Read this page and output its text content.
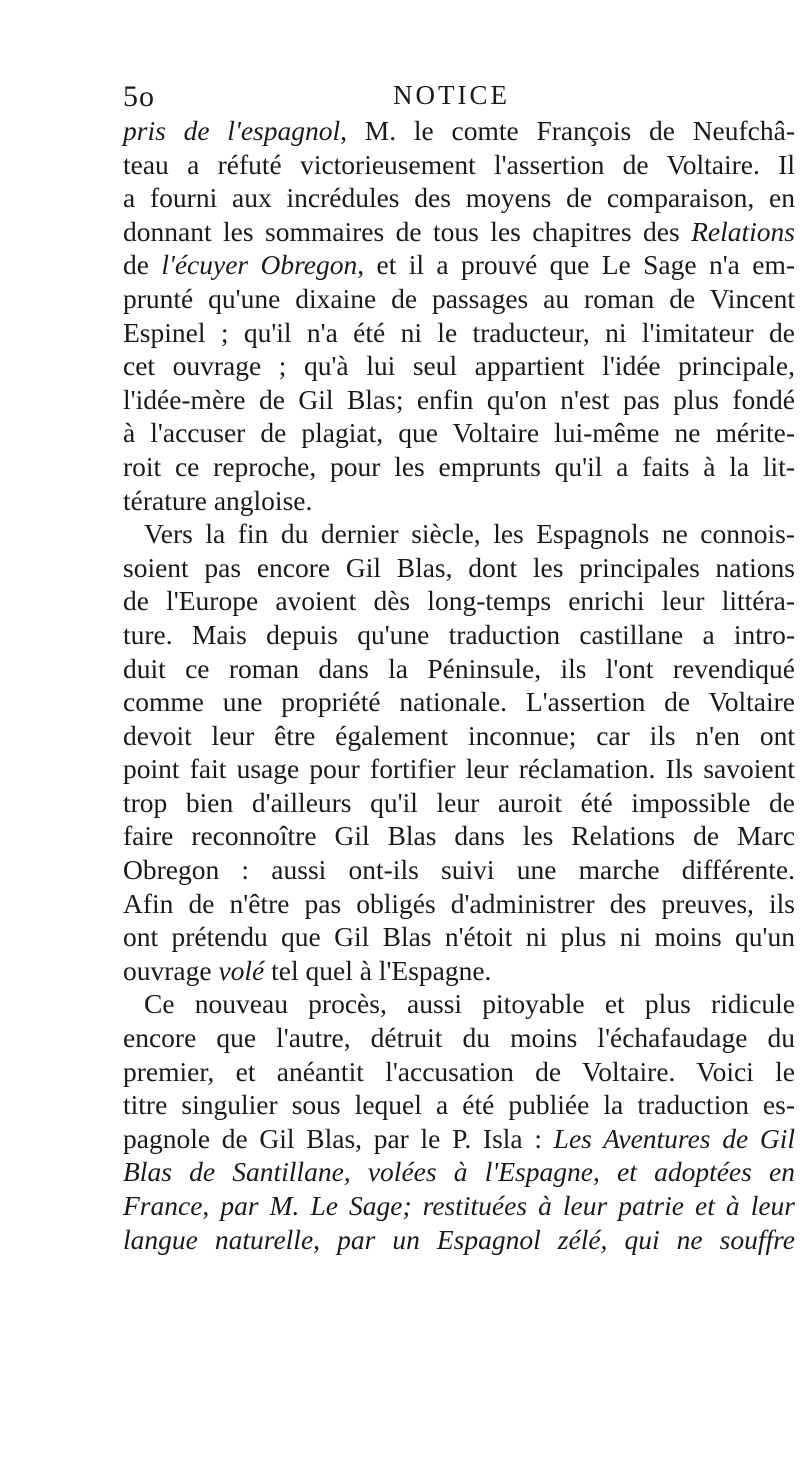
5o	NOTICE
pris de l'espagnol , M. le comte François de Neufchâ-
teau a réfuté victorieusement l'assertion de Voltaire. Il
a fourni aux incrédules des moyens de comparaison, en
donnant les sommaires de tous les chapitres des Relations
de l'écuyer Obregon , et il a prouvé que Le Sage n'a em-
prunté qu'une dixaine de passages au roman de Vincent
Espinel ; qu'il n'a été ni le traducteur, ni l'imitateur de
cet ouvrage ; qu'à lui seul appartient l'idée principale,
l'idée-mère de Gil Blas; enfin qu'on n'est pas plus fondé
à l'accuser de plagiat, que Voltaire lui-même ne mérite-
roit ce reproche, pour les emprunts qu'il a faits à la lit-
térature angloise.
Vers la fin du dernier siècle, les Espagnols ne connois-
soient pas encore Gil Blas, dont les principales nations
de l'Europe avoient dès long-temps enrichi leur littéra-
ture. Mais depuis qu'une traduction castillane a intro-
duit ce roman dans la Péninsule, ils l'ont revendiqué
comme une propriété nationale. L'assertion de Voltaire
devoit leur être également inconnue; car ils n'en ont
point fait usage pour fortifier leur réclamation. Ils savoient
trop bien d'ailleurs qu'il leur auroit été impossible de
faire reconnoître Gil Blas dans les Relations de Marc
Obregon : aussi ont-ils suivi une marche différente.
Afin de n'être pas obligés d'administrer des preuves, ils
ont prétendu que Gil Blas n'étoit ni plus ni moins qu'un
ouvrage volé tel quel à l'Espagne.
Ce nouveau procès, aussi pitoyable et plus ridicule
encore que l'autre, détruit du moins l'échafaudage du
premier, et anéantit l'accusation de Voltaire. Voici le
titre singulier sous lequel a été publiée la traduction es-
pagnole de Gil Blas, par le P. Isla : Les Aventures de Gil
Blas de Santillane, volées à l'Espagne , et adoptées en
France , par M. Le Sage; restituées à leur patrie et à leur
langue naturelle , par un Espagnol zélé, qui ne souffre
